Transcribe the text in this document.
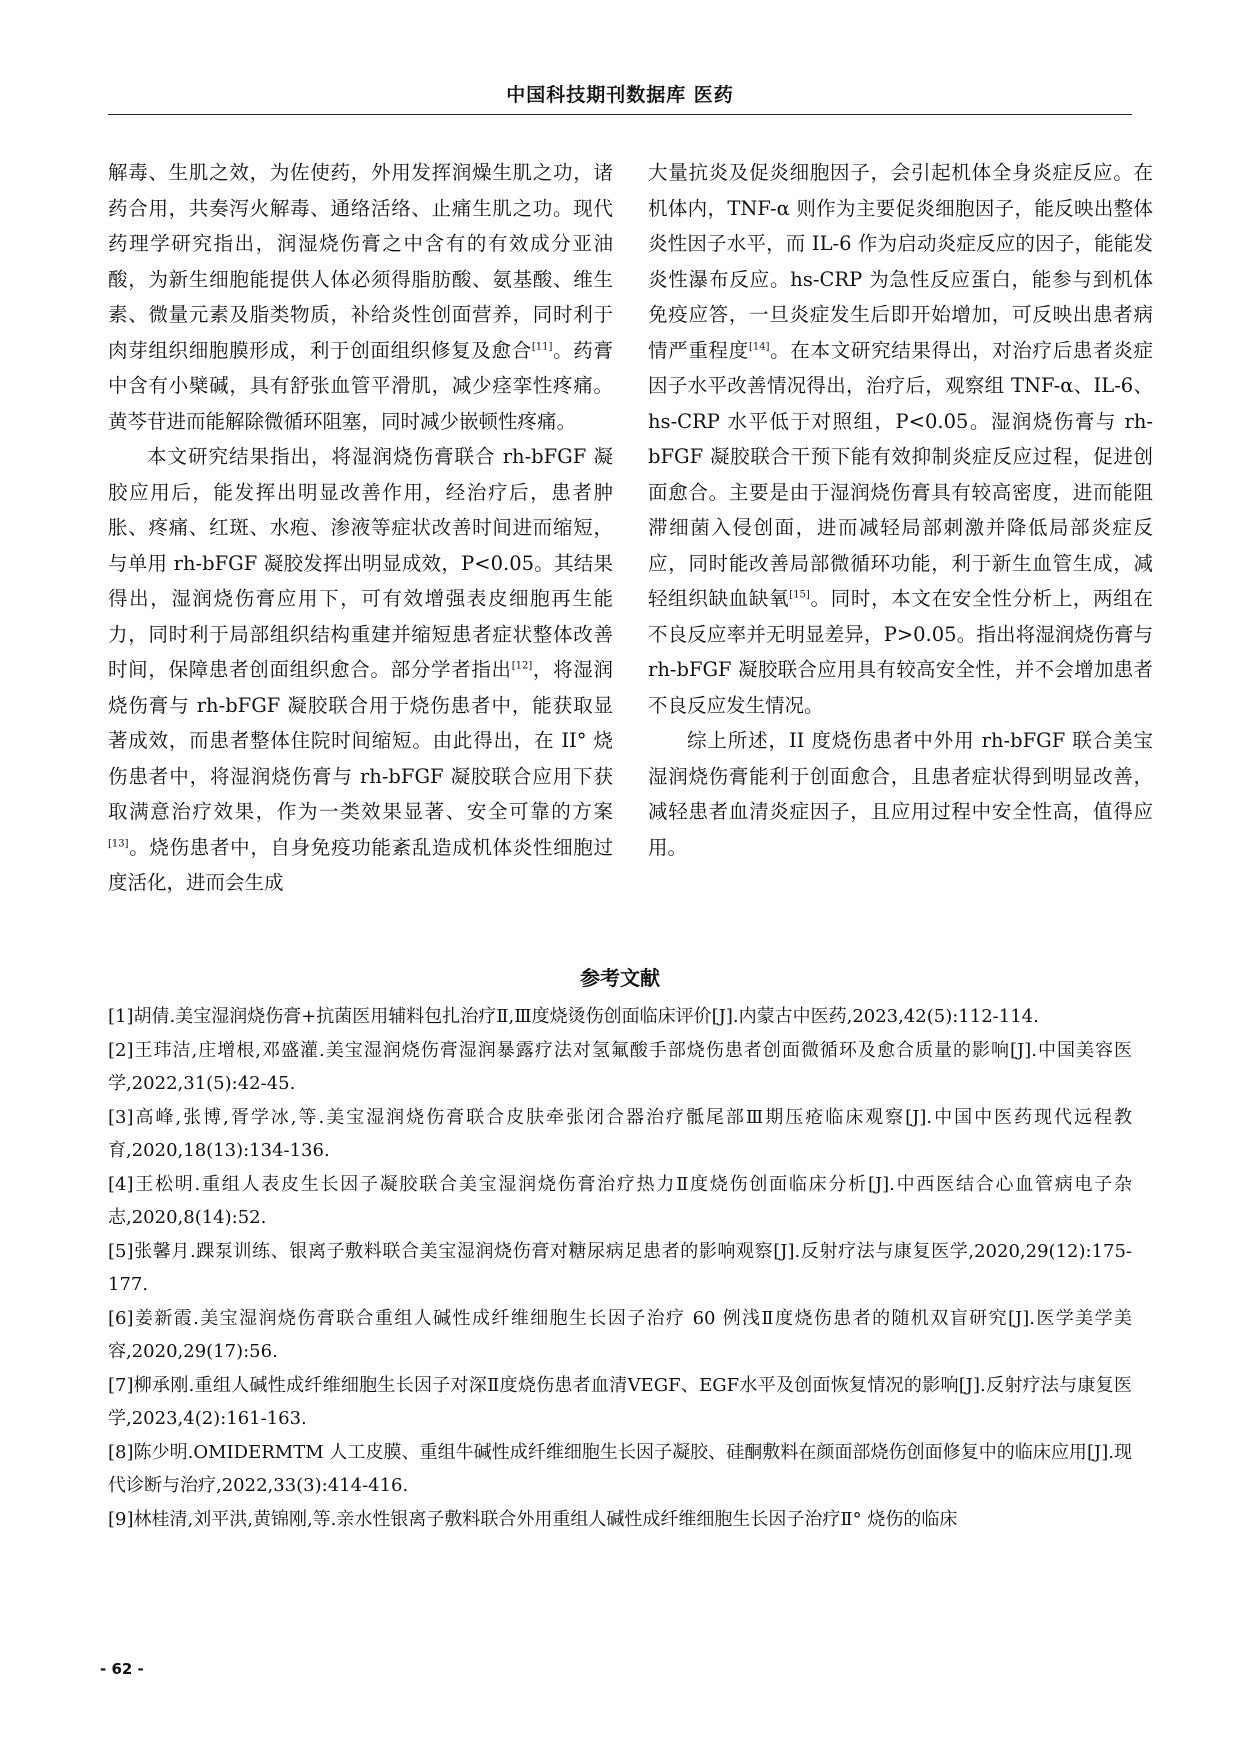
中国科技期刊数据库 医药

解毒、生肌之效，为佐使药，外用发挥润燥生肌之功，诸药合用，共奏泻火解毒、通络活络、止痛生肌之功。现代药理学研究指出，润湿烧伤膏之中含有的有效成分亚油酸，为新生细胞能提供人体必须得脂肪酸、氨基酸、维生素、微量元素及脂类物质，补给炎性创面营养，同时利于肉芽组织细胞膜形成，利于创面组织修复及愈合[11]。药膏中含有小檗碱，具有舒张血管平滑肌，减少痉挛性疼痛。黄芩苷进而能解除微循环阻塞，同时减少嵌顿性疼痛。

本文研究结果指出，将湿润烧伤膏联合 rh-bFGF 凝胶应用后，能发挥出明显改善作用，经治疗后，患者肿胀、疼痛、红斑、水疱、渗液等症状改善时间进而缩短，与单用 rh-bFGF 凝胶发挥出明显成效，P<0.05。其结果得出，湿润烧伤膏应用下，可有效增强表皮细胞再生能力，同时利于局部组织结构重建并缩短患者症状整体改善时间，保障患者创面组织愈合。部分学者指出[12]，将湿润烧伤膏与 rh-bFGF 凝胶联合用于烧伤患者中，能获取显著成效，而患者整体住院时间缩短。由此得出，在 II° 烧伤患者中，将湿润烧伤膏与 rh-bFGF 凝胶联合应用下获取满意治疗效果，作为一类效果显著、安全可靠的方案[13]。烧伤患者中，自身免疫功能紊乱造成机体炎性细胞过度活化，进而会生成

大量抗炎及促炎细胞因子，会引起机体全身炎症反应。在机体内，TNF-α 则作为主要促炎细胞因子，能反映出整体炎性因子水平，而 IL-6 作为启动炎症反应的因子，能能发炎性瀑布反应。hs-CRP 为急性反应蛋白，能参与到机体免疫应答，一旦炎症发生后即开始增加，可反映出患者病情严重程度[14]。在本文研究结果得出，对治疗后患者炎症因子水平改善情况得出，治疗后，观察组 TNF-α、IL-6、hs-CRP 水平低于对照组，P<0.05。湿润烧伤膏与 rh-bFGF 凝胶联合干预下能有效抑制炎症反应过程，促进创面愈合。主要是由于湿润烧伤膏具有较高密度，进而能阻滞细菌入侵创面，进而减轻局部刺激并降低局部炎症反应，同时能改善局部微循环功能，利于新生血管生成，减轻组织缺血缺氧[15]。同时，本文在安全性分析上，两组在不良反应率并无明显差异，P>0.05。指出将湿润烧伤膏与 rh-bFGF 凝胶联合应用具有较高安全性，并不会增加患者不良反应发生情况。

综上所述，II 度烧伤患者中外用 rh-bFGF 联合美宝湿润烧伤膏能利于创面愈合，且患者症状得到明显改善，减轻患者血清炎症因子，且应用过程中安全性高，值得应用。

参考文献

[1]胡倩.美宝湿润烧伤膏+抗菌医用辅料包扎治疗Ⅱ,Ⅲ度烧烫伤创面临床评价[J].内蒙古中医药,2023,42(5):112-114.

[2]王玮洁,庄增根,邓盛灌.美宝湿润烧伤膏湿润暴露疗法对氢氟酸手部烧伤患者创面微循环及愈合质量的影响[J].中国美容医学,2022,31(5):42-45.

[3]高峰,张博,胥学冰,等.美宝湿润烧伤膏联合皮肤牵张闭合器治疗骶尾部Ⅲ期压疮临床观察[J].中国中医药现代远程教育,2020,18(13):134-136.

[4]王松明.重组人表皮生长因子凝胶联合美宝湿润烧伤膏治疗热力Ⅱ度烧伤创面临床分析[J].中西医结合心血管病电子杂志,2020,8(14):52.

[5]张馨月.踝泵训练、银离子敷料联合美宝湿润烧伤膏对糖尿病足患者的影响观察[J].反射疗法与康复医学,2020,29(12):175-177.

[6]姜新霞.美宝湿润烧伤膏联合重组人碱性成纤维细胞生长因子治疗 60 例浅Ⅱ度烧伤患者的随机双盲研究[J].医学美学美容,2020,29(17):56.

[7]柳承刚.重组人碱性成纤维细胞生长因子对深Ⅱ度烧伤患者血清VEGF、EGF水平及创面恢复情况的影响[J].反射疗法与康复医学,2023,4(2):161-163.

[8]陈少明.OMIDERMTM 人工皮膜、重组牛碱性成纤维细胞生长因子凝胶、硅酮敷料在颜面部烧伤创面修复中的临床应用[J].现代诊断与治疗,2022,33(3):414-416.

[9]林桂清,刘平洪,黄锦刚,等.亲水性银离子敷料联合外用重组人碱性成纤维细胞生长因子治疗Ⅱ° 烧伤的临床

- 62 -
